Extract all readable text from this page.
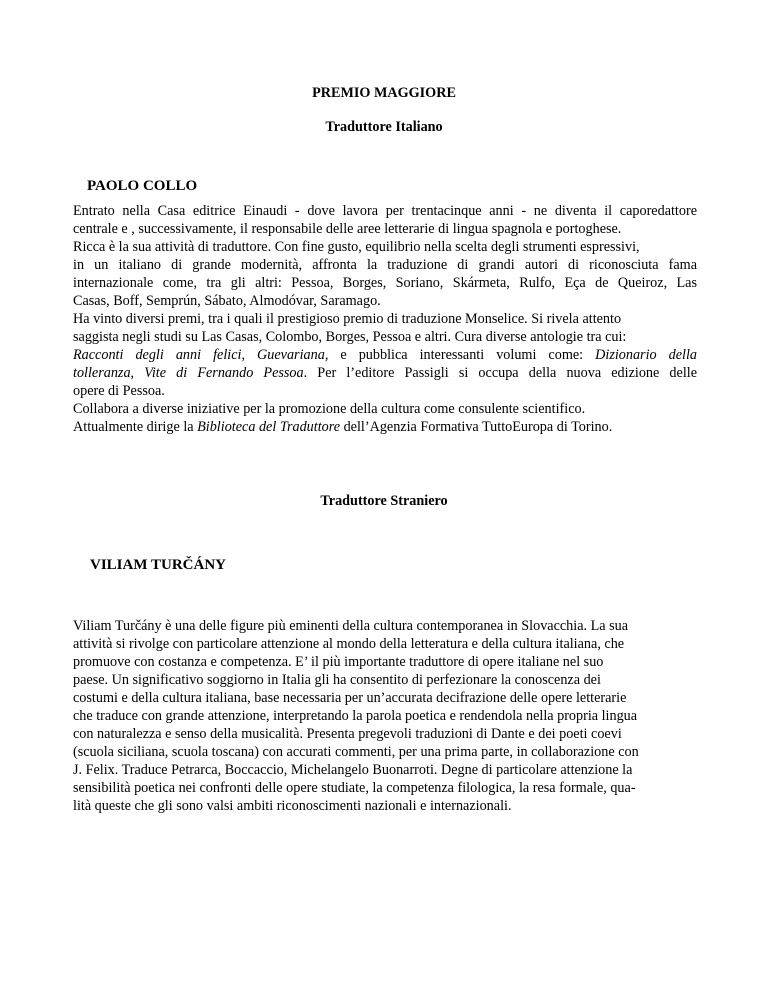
PREMIO MAGGIORE
Traduttore Italiano
PAOLO COLLO

Entrato nella Casa editrice Einaudi - dove lavora per trentacinque anni - ne diventa il caporedattore

centrale e , successivamente, il responsabile delle aree letterarie di lingua spagnola e portoghese.

Ricca è la sua attività di traduttore. Con fine gusto, equilibrio nella scelta degli strumenti espressivi,

in un italiano di grande modernità, affronta la traduzione di grandi autori di riconosciuta fama

internazionale come, tra gli altri: Pessoa, Borges, Soriano, Skármeta, Rulfo, Eça de Queiroz, Las

Casas, Boff, Semprún, Sábato, Almodóvar, Saramago.

Ha vinto diversi premi, tra i quali il prestigioso premio di traduzione Monselice. Si rivela attento

saggista negli studi su Las Casas, Colombo, Borges, Pessoa e altri. Cura diverse antologie tra cui:

Racconti degli anni felici, Guevariana, e pubblica interessanti volumi come: Dizionario della

tolleranza, Vite di Fernando Pessoa. Per l’editore Passigli si occupa della nuova edizione delle

opere di Pessoa.

Collabora a diverse iniziative per la promozione della cultura come consulente scientifico.

Attualmente dirige la Biblioteca del Traduttore dell’Agenzia Formativa TuttoEuropa di Torino.

Traduttore Straniero
VILIAM TURČÁNY

Viliam Turčány è una delle figure più eminenti della cultura contemporanea in Slovacchia. La sua

attività si rivolge con particolare attenzione al mondo della letteratura e della cultura italiana, che

promuove con costanza e competenza. E’ il più importante traduttore di opere italiane nel suo

paese. Un significativo soggiorno in Italia gli ha consentito di perfezionare la conoscenza dei

costumi e della cultura italiana, base necessaria per un’accurata decifrazione delle opere letterarie

che traduce con grande attenzione, interpretando la parola poetica e rendendola nella propria lingua

con naturalezza e senso della musicalità. Presenta pregevoli traduzioni di Dante e dei poeti coevi

(scuola siciliana, scuola toscana) con accurati commenti, per una prima parte, in collaborazione con

J. Felix. Traduce Petrarca, Boccaccio, Michelangelo Buonarroti. Degne di particolare attenzione la

sensibilità poetica nei confronti delle opere studiate, la competenza filologica, la resa formale, qua-

lità queste che gli sono valsi ambiti riconoscimenti nazionali e internazionali.
